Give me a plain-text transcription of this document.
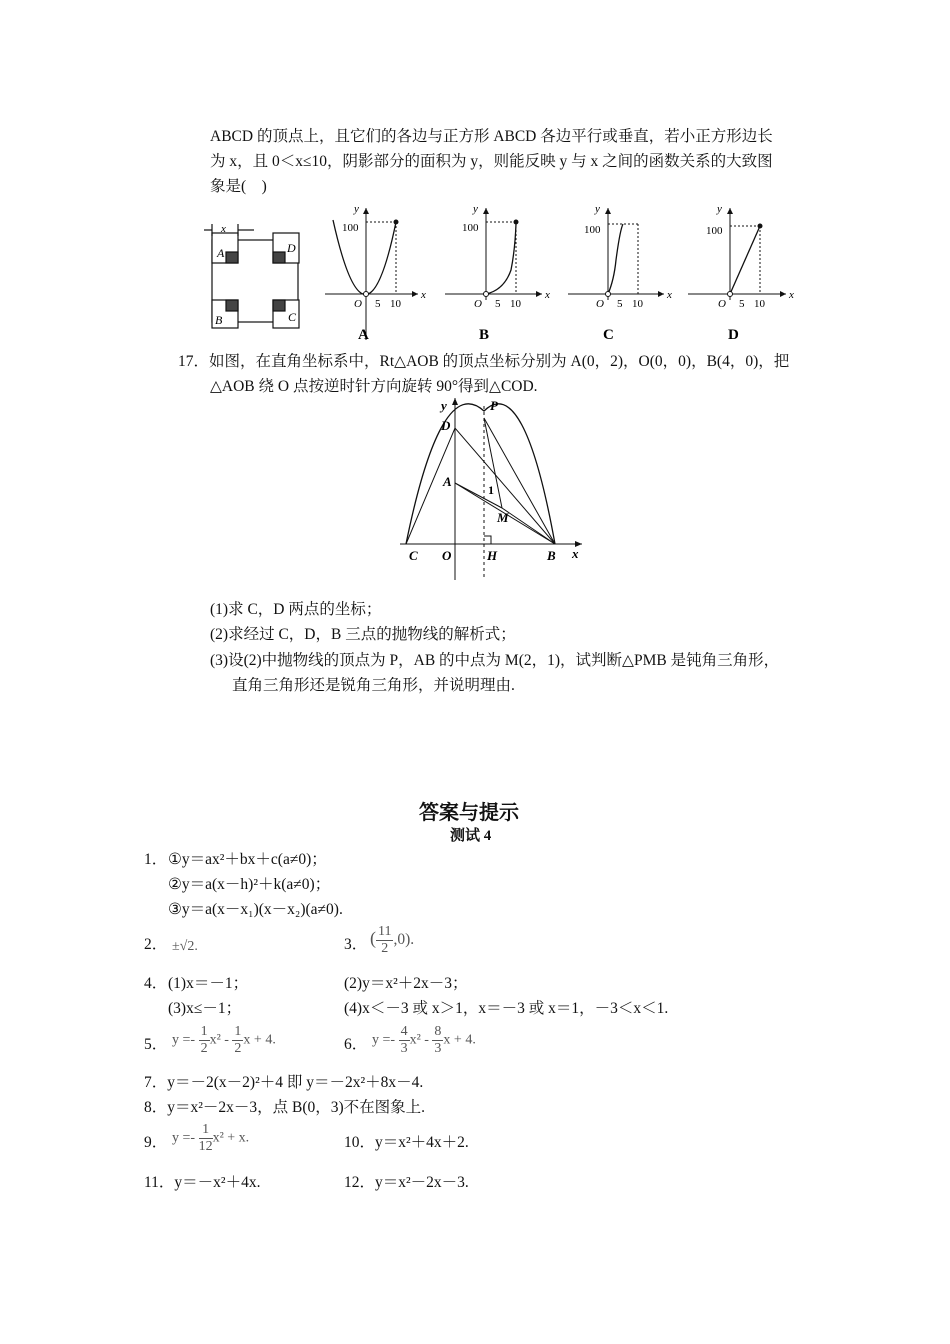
ABCD 的顶点上，且它们的各边与正方形 ABCD 各边平行或垂直，若小正方形边长
为 x，且 0＜x≤10，阴影部分的面积为 y，则能反映 y 与 x 之间的函数关系的大致图
象是(　)
A	D
B	C
x
y
100
O 5 10
x
A
y
100
O 5 10
x
B
y
100
O 5 10
x
C
y
100
O 5 10
x
D
17．如图，在直角坐标系中，Rt△AOB 的顶点坐标分别为 A(0，2)，O(0，0)，B(4，0)，把
△AOB 绕 O 点按逆时针方向旋转 90°得到△COD.
y	P
D
A
1
M
C O	H	B x
(1)求 C，D 两点的坐标；
(2)求经过 C，D，B 三点的抛物线的解析式；
(3)设(2)中抛物线的顶点为 P，AB 的中点为 M(2，1)，试判断△PMB 是钝角三角形，
直角三角形还是锐角三角形，并说明理由.
答案与提示
测试 4
1． ①y＝ax²＋bx＋c(a≠0)；
②y＝a(x－h)²＋k(a≠0)；
③y＝a(x－x₁)(x－x₂)(a≠0).
2． ±√2.	3． ( $\frac{11}{2} ,0$).
4． (1)x＝－1；	(2)y＝x²＋2x－3；
(3)x≤－1；	(4)x＜－3 或 x＞1，x＝－3 或 x＝1，－3＜x＜1.
5． $y =- \frac{1}{2} x^2 - \frac{1}{2}$ x + 4.	6． $y =- \frac{4}{3} x^2 - \frac{8}{3}$ x + 4.
7．y＝－2(x－2)²＋4 即 y＝－2x²＋8x－4.
8．y＝x²－2x－3，点 B(0，3)不在图象上.
9． $y =- \frac{1}{12} x^2 + x$.	10．y＝x²＋4x＋2.
11．y＝－x²＋4x.	12．y＝x²－2x－3.
